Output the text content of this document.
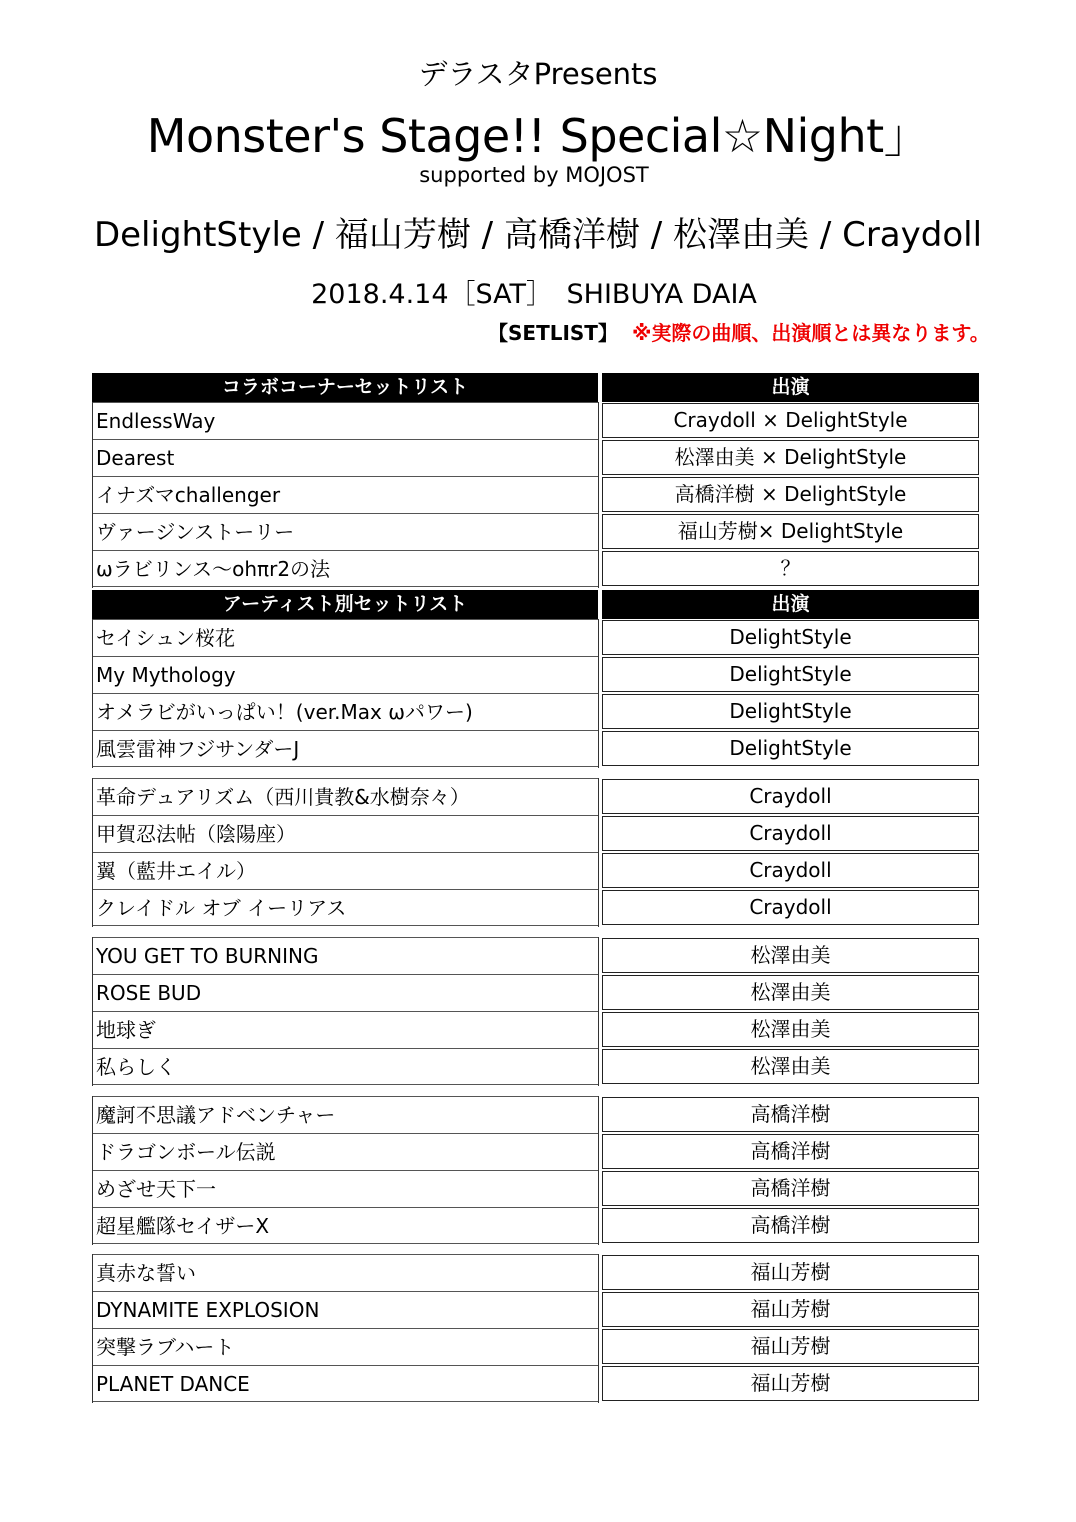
デラスタPresents
Monster's Stage!! Special☆Night」
supported by MOJOST
DelightStyle / 福山芳樹 / 高橋洋樹 / 松澤由美 / Craydoll
2018.4.14［SAT］　SHIBUYA DAIA
【SETLIST】 ※実際の曲順、出演順とは異なります。
コラボコーナーセットリスト	出演
EndlessWay	Craydoll × DelightStyle
Dearest	松澤由美 × DelightStyle
イナズマchallenger	高橋洋樹 × DelightStyle
ヴァージンストーリー	福山芳樹× DelightStyle
ωラビリンス〜ohπr2の法	？
アーティスト別セットリスト	出演
セイシュン桜花	DelightStyle
My Mythology	DelightStyle
オメラビがいっぱい！(ver.Max ωパワー)	DelightStyle
風雲雷神フジサンダーJ	DelightStyle
革命デュアリズム（西川貴教&水樹奈々）	Craydoll
甲賀忍法帖（陰陽座）	Craydoll
翼（藍井エイル）	Craydoll
クレイドル オブ イーリアス	Craydoll
YOU GET TO BURNING	松澤由美
ROSE BUD	松澤由美
地球ぎ	松澤由美
私らしく	松澤由美
魔訶不思議アドベンチャー	高橋洋樹
ドラゴンボール伝説	高橋洋樹
めざせ天下一	高橋洋樹
超星艦隊セイザーX	高橋洋樹
真赤な誓い	福山芳樹
DYNAMITE EXPLOSION	福山芳樹
突撃ラブハート	福山芳樹
PLANET DANCE	福山芳樹
